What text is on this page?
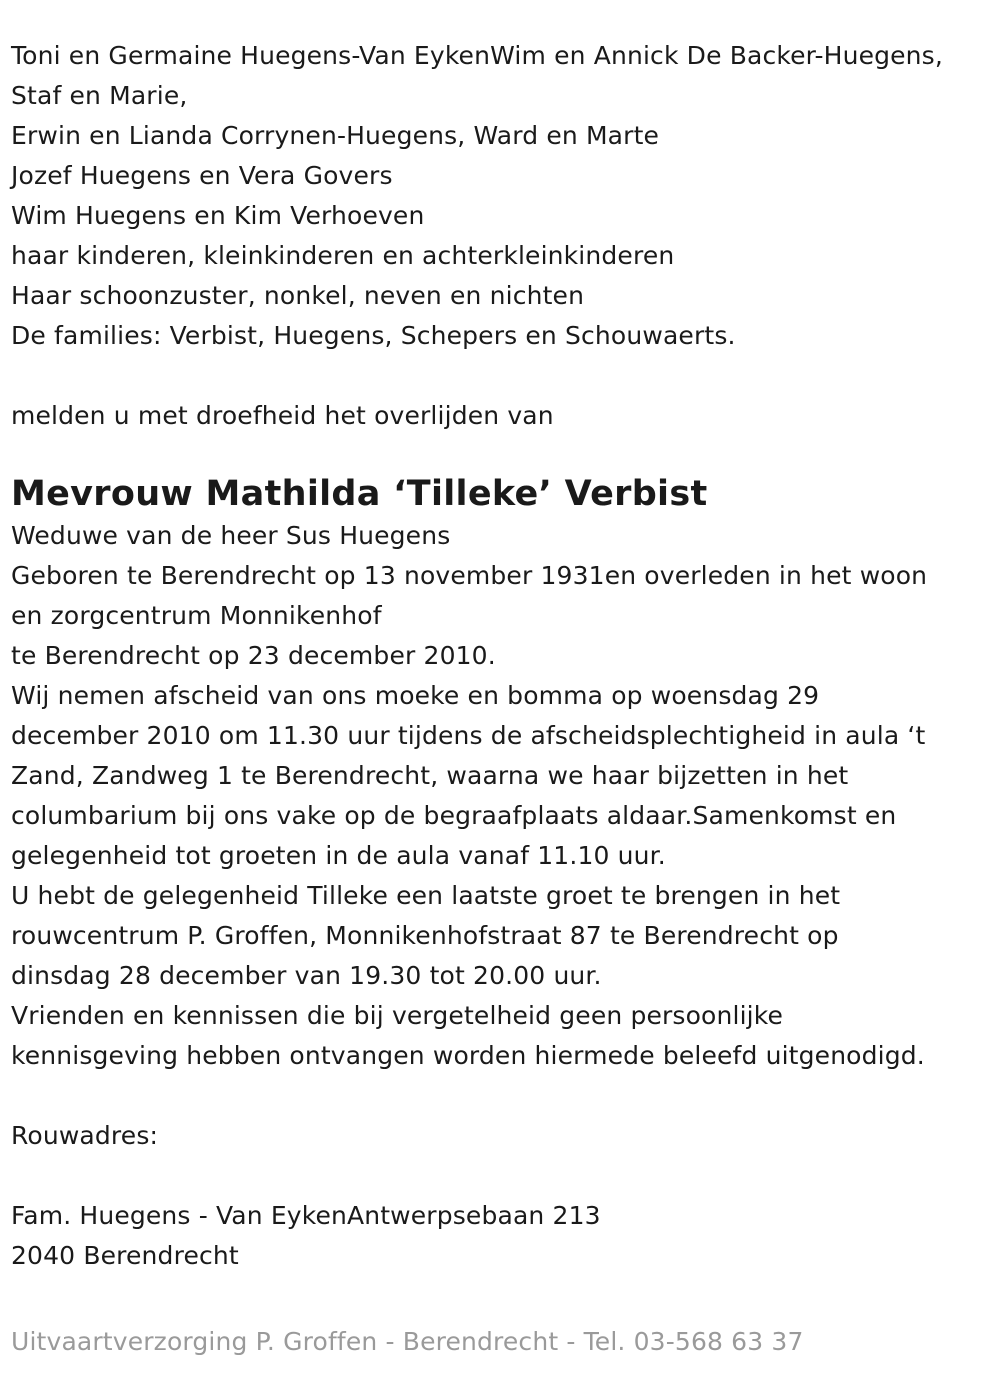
Toni en Germaine Huegens-Van EykenWim en Annick De Backer-Huegens,
Staf en Marie,
Erwin en Lianda Corrynen-Huegens, Ward en Marte
Jozef Huegens en Vera Govers
Wim Huegens en Kim Verhoeven
haar kinderen, kleinkinderen en achterkleinkinderen
Haar schoonzuster, nonkel, neven en nichten
De families: Verbist, Huegens, Schepers en Schouwaerts.
melden u met droefheid het overlijden van
Mevrouw Mathilda ‘Tilleke’ Verbist
Weduwe van de heer Sus Huegens
Geboren te Berendrecht op 13 november 1931en overleden in het woon
en zorgcentrum Monnikenhof
te Berendrecht op 23 december 2010.
Wij nemen afscheid van ons moeke en bomma op woensdag 29
december 2010 om 11.30 uur tijdens de afscheidsplechtigheid in aula ‘t
Zand, Zandweg 1 te Berendrecht, waarna we haar bijzetten in het
columbarium bij ons vake op de begraafplaats aldaar.Samenkomst en
gelegenheid tot groeten in de aula vanaf 11.10 uur.
U hebt de gelegenheid Tilleke een laatste groet te brengen in het
rouwcentrum P. Groffen, Monnikenhofstraat 87 te Berendrecht op
dinsdag 28 december van 19.30 tot 20.00 uur.
Vrienden en kennissen die bij vergetelheid geen persoonlijke
kennisgeving hebben ontvangen worden hiermede beleefd uitgenodigd.
Rouwadres:
Fam. Huegens - Van EykenAntwerpsebaan 213
2040 Berendrecht
Uitvaartverzorging P. Groffen - Berendrecht - Tel. 03-568 63 37
